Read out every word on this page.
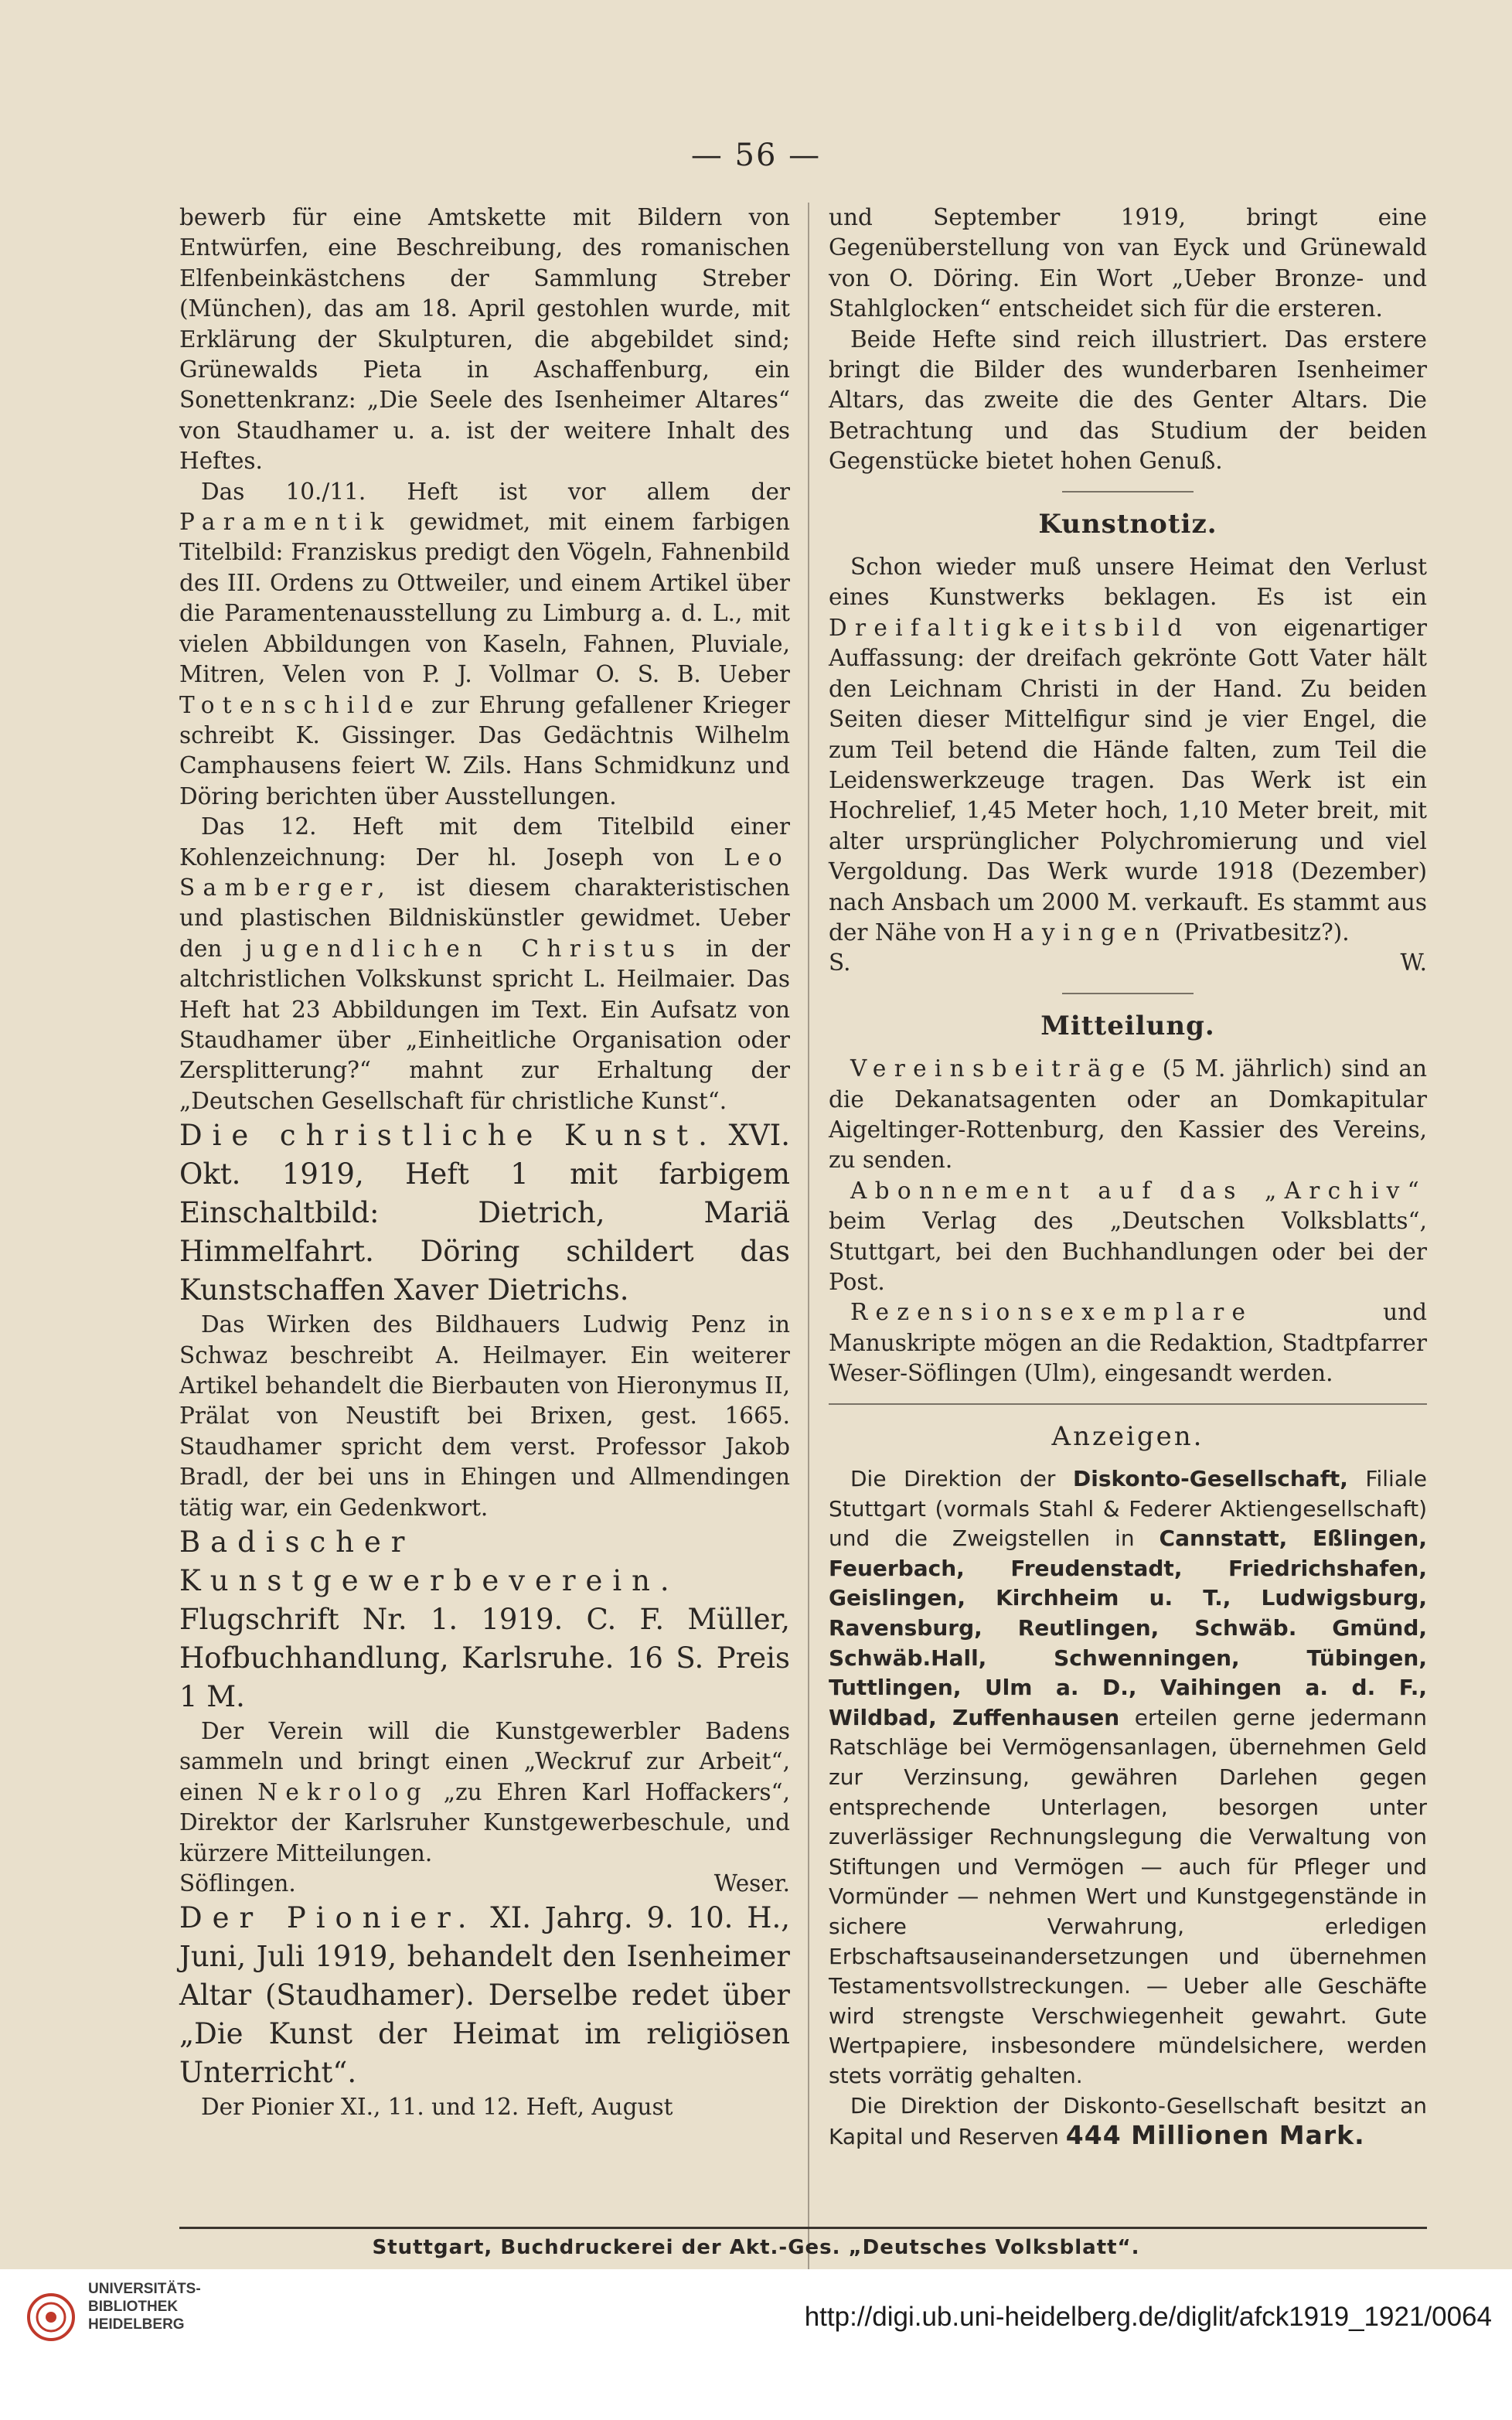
— 56 —

bewerb für eine Amtskette mit Bildern von Entwürfen, eine Beschreibung, des romanischen Elfenbeinkästchens der Sammlung Streber (München), das am 18. April gestohlen wurde, mit Erklärung der Skulpturen, die abgebildet sind; Grünewalds Pieta in Aschaffenburg, ein Sonettenkranz: „Die Seele des Isenheimer Altares“ von Staudhamer u. a. ist der weitere Inhalt des Heftes.

Das 10./11. Heft ist vor allem der Paramentik gewidmet, mit einem farbigen Titelbild: Franziskus predigt den Vögeln, Fahnenbild des III. Ordens zu Ottweiler, und einem Artikel über die Paramentenausstellung zu Limburg a. d. L., mit vielen Abbildungen von Kaseln, Fahnen, Pluviale, Mitren, Velen von P. J. Vollmar O. S. B. Ueber Totenschilde zur Ehrung gefallener Krieger schreibt K. Gissinger. Das Gedächtnis Wilhelm Camphausens feiert W. Zils. Hans Schmidkunz und Döring berichten über Ausstellungen.

Das 12. Heft mit dem Titelbild einer Kohlenzeichnung: Der hl. Joseph von Leo Samberger, ist diesem charakteristischen und plastischen Bildniskünstler gewidmet. Ueber den jugendlichen Christus in der altchristlichen Volkskunst spricht L. Heilmaier. Das Heft hat 23 Abbildungen im Text. Ein Aufsatz von Staudhamer über „Einheitliche Organisation oder Zersplitterung?“ mahnt zur Erhaltung der „Deutschen Gesellschaft für christliche Kunst“.

Die christliche Kunst. XVI. Okt. 1919, Heft 1 mit farbigem Einschaltbild: Dietrich, Mariä Himmelfahrt. Döring schildert das Kunstschaffen Xaver Dietrichs.

Das Wirken des Bildhauers Ludwig Penz in Schwaz beschreibt A. Heilmayer. Ein weiterer Artikel behandelt die Bierbauten von Hieronymus II, Prälat von Neustift bei Brixen, gest. 1665. Staudhamer spricht dem verst. Professor Jakob Bradl, der bei uns in Ehingen und Allmendingen tätig war, ein Gedenkwort.

Badischer Kunstgewerbeverein. Flugschrift Nr. 1. 1919. C. F. Müller, Hofbuchhandlung, Karlsruhe. 16 S. Preis 1 M.

Der Verein will die Kunstgewerbler Badens sammeln und bringt einen „Weckruf zur Arbeit“, einen Nekrolog „zu Ehren Karl Hoffackers“, Direktor der Karlsruher Kunstgewerbeschule, und kürzere Mitteilungen.

Söflingen.	Weser.

Der Pionier. XI. Jahrg. 9. 10. H., Juni, Juli 1919, behandelt den Isenheimer Altar (Staudhamer). Derselbe redet über „Die Kunst der Heimat im religiösen Unterricht“.

Der Pionier XI., 11. und 12. Heft, August

und September 1919, bringt eine Gegenüberstellung von van Eyck und Grünewald von O. Döring. Ein Wort „Ueber Bronze- und Stahlglocken“ entscheidet sich für die ersteren.

Beide Hefte sind reich illustriert. Das erstere bringt die Bilder des wunderbaren Isenheimer Altars, das zweite die des Genter Altars. Die Betrachtung und das Studium der beiden Gegenstücke bietet hohen Genuß.

Kunstnotiz.

Schon wieder muß unsere Heimat den Verlust eines Kunstwerks beklagen. Es ist ein Dreifaltigkeitsbild von eigenartiger Auffassung: der dreifach gekrönte Gott Vater hält den Leichnam Christi in der Hand. Zu beiden Seiten dieser Mittelfigur sind je vier Engel, die zum Teil betend die Hände falten, zum Teil die Leidenswerkzeuge tragen. Das Werk ist ein Hochrelief, 1,45 Meter hoch, 1,10 Meter breit, mit alter ursprünglicher Polychromierung und viel Vergoldung. Das Werk wurde 1918 (Dezember) nach Ansbach um 2000 M. verkauft. Es stammt aus der Nähe von Hayingen (Privatbesitz?).

S.	W.

Mitteilung.

Vereinsbeiträge (5 M. jährlich) sind an die Dekanatsagenten oder an Domkapitular Aigeltinger-Rottenburg, den Kassier des Vereins, zu senden.

Abonnement auf das „Archiv“ beim Verlag des „Deutschen Volksblatts“, Stuttgart, bei den Buchhandlungen oder bei der Post.

Rezensionsexemplare	und Manuskripte mögen an die Redaktion, Stadtpfarrer Weser-Söflingen (Ulm), eingesandt werden.

Anzeigen.

Die Direktion der Diskonto-Gesellschaft, Filiale Stuttgart (vormals Stahl & Federer Aktiengesellschaft) und die Zweigstellen in Cannstatt, Eßlingen, Feuerbach, Freudenstadt, Friedrichshafen, Geislingen, Kirchheim u. T., Ludwigsburg, Ravensburg, Reutlingen, Schwäb. Gmünd, Schwäb.Hall, Schwenningen, Tübingen, Tuttlingen, Ulm a. D., Vaihingen a. d. F., Wildbad, Zuffenhausen erteilen gerne jedermann Ratschläge bei Vermögensanlagen, übernehmen Geld zur Verzinsung, gewähren Darlehen gegen entsprechende Unterlagen, besorgen unter zuverlässiger Rechnungslegung die Verwaltung von Stiftungen und Vermögen — auch für Pfleger und Vormünder — nehmen Wert und Kunstgegenstände in sichere Verwahrung, erledigen Erbschaftsauseinandersetzungen und übernehmen Testamentsvollstreckungen. — Ueber alle Geschäfte wird strengste Verschwiegenheit gewahrt. Gute Wertpapiere, insbesondere mündelsichere, werden stets vorrätig gehalten.

Die Direktion der Diskonto-Gesellschaft besitzt an Kapital und Reserven 444 Millionen Mark.

Stuttgart, Buchdruckerei der Akt.-Ges. „Deutsches Volksblatt“.
UNIVERSITÄTS-
BIBLIOTHEK
HEIDELBERG	http://digi.ub.uni-heidelberg.de/diglit/afck1919_1921/0064
